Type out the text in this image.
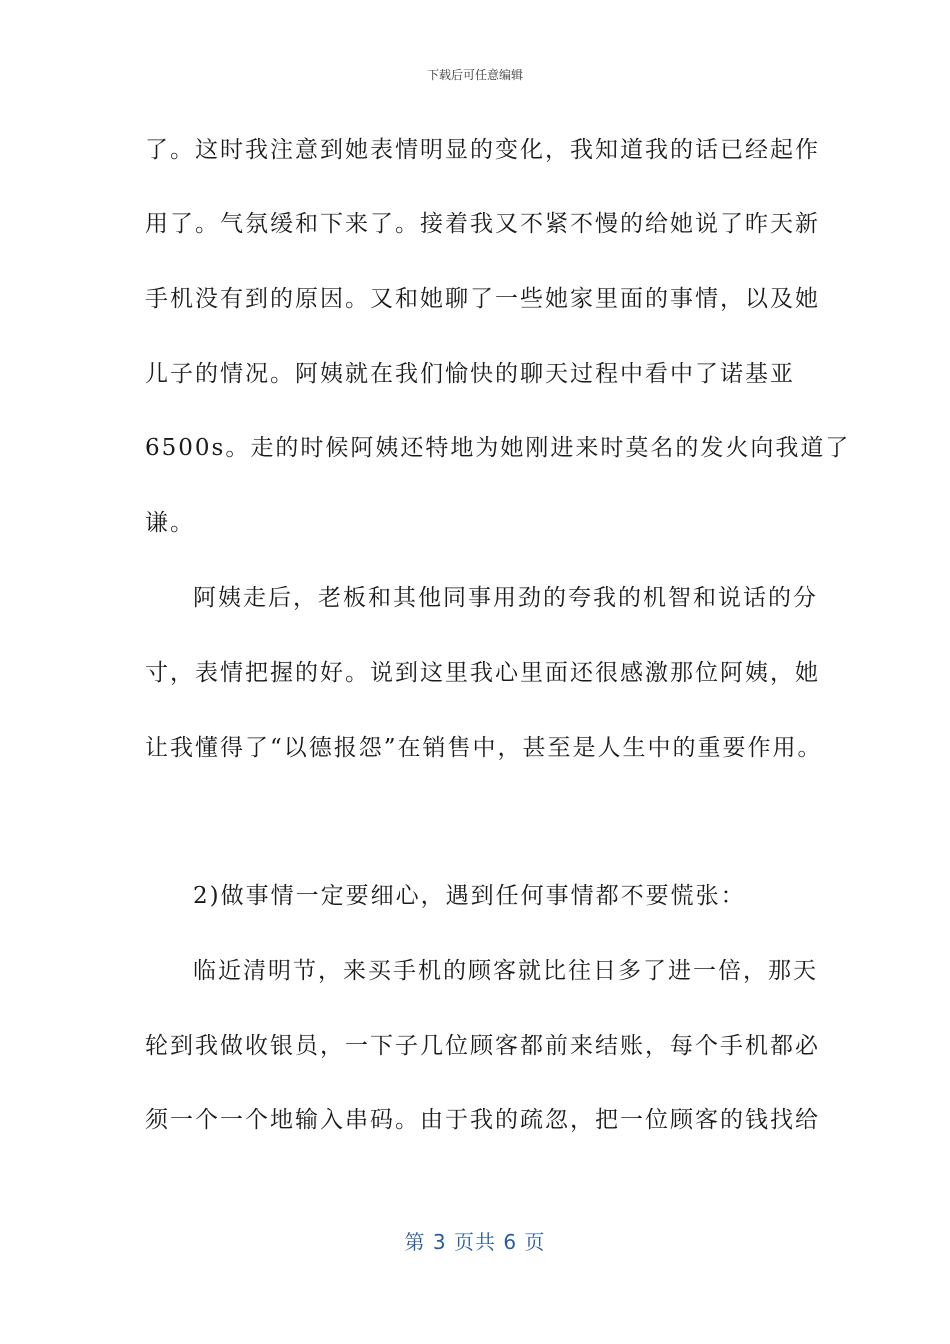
下载后可任意编辑
了。这时我注意到她表情明显的变化，我知道我的话已经起作
用了。气氛缓和下来了。接着我又不紧不慢的给她说了昨天新
手机没有到的原因。又和她聊了一些她家里面的事情，以及她
儿子的情况。阿姨就在我们愉快的聊天过程中看中了诺基亚
6500s。走的时候阿姨还特地为她刚进来时莫名的发火向我道了
谦。
阿姨走后，老板和其他同事用劲的夸我的机智和说话的分
寸，表情把握的好。说到这里我心里面还很感激那位阿姨，她
让我懂得了“以德报怨”在销售中，甚至是人生中的重要作用。
2)做事情一定要细心，遇到任何事情都不要慌张：
临近清明节，来买手机的顾客就比往日多了进一倍，那天
轮到我做收银员，一下子几位顾客都前来结账，每个手机都必
须一个一个地输入串码。由于我的疏忽，把一位顾客的钱找给
第 3 页共 6 页
